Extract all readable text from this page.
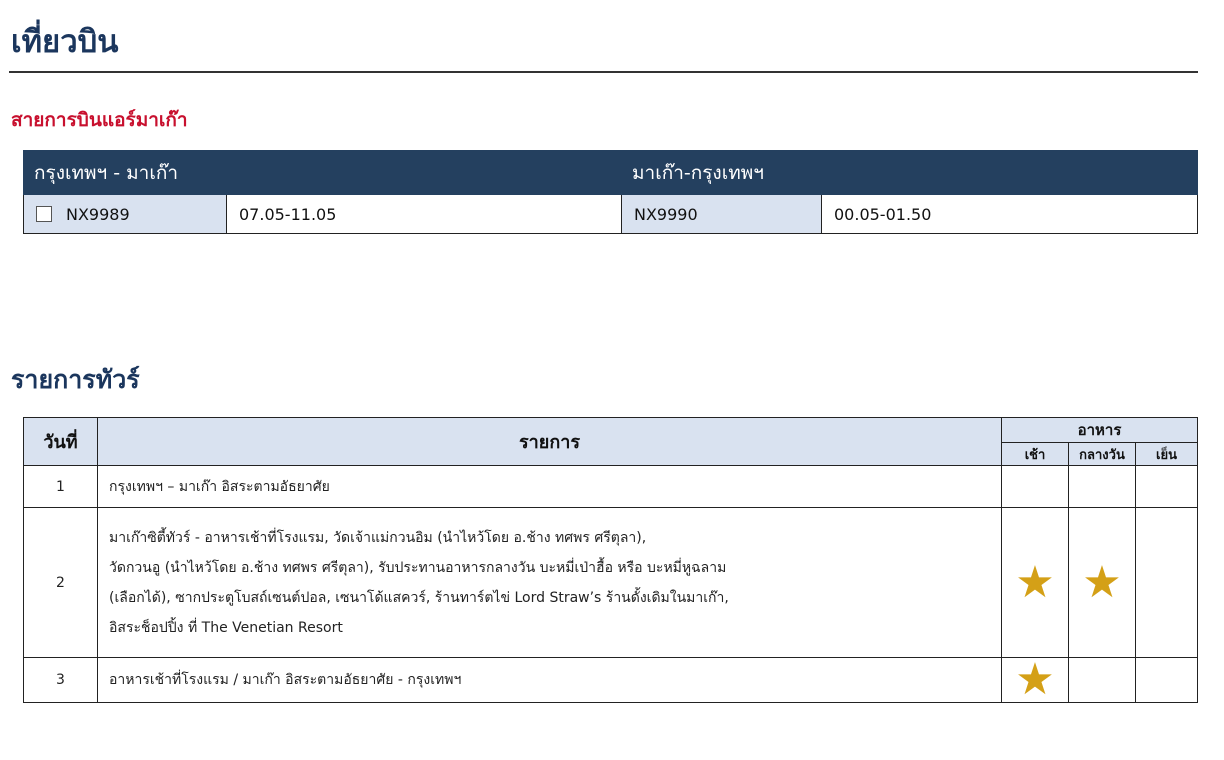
เที่ยวบิน
สายการบินแอร์มาเก๊า
กรุงเทพฯ - มาเก๊า		มาเก๊า-กรุงเทพฯ	
NX9989	07.05-11.05	NX9990	00.05-01.50
รายการทัวร์
วันที่	รายการ	อาหาร		
		เช้า	กลางวัน	เย็น
1	กรุงเทพฯ – มาเก๊า อิสระตามอัธยาศัย			

2	มาเก๊าซิตี้ทัวร์ - อาหารเช้าที่โรงแรม, วัดเจ้าแม่กวนอิม (นำไหว้โดย อ.ช้าง ทศพร ศรีตุลา),
วัดกวนอู (นำไหว้โดย อ.ช้าง ทศพร ศรีตุลา), รับประทานอาหารกลางวัน บะหมี่เป่าฮื้อ หรือ บะหมี่หูฉลาม
(เลือกได้), ซากประตูโบสถ์เซนต์ปอล, เซนาโด้แสควร์, ร้านทาร์ตไข่ Lord Straw’s ร้านดั้งเดิมในมาเก๊า,
อิสระช็อปปิ้ง ที่ The Venetian Resort	★	★	
3	อาหารเช้าที่โรงแรม / มาเก๊า อิสระตามอัธยาศัย - กรุงเทพฯ	★		
